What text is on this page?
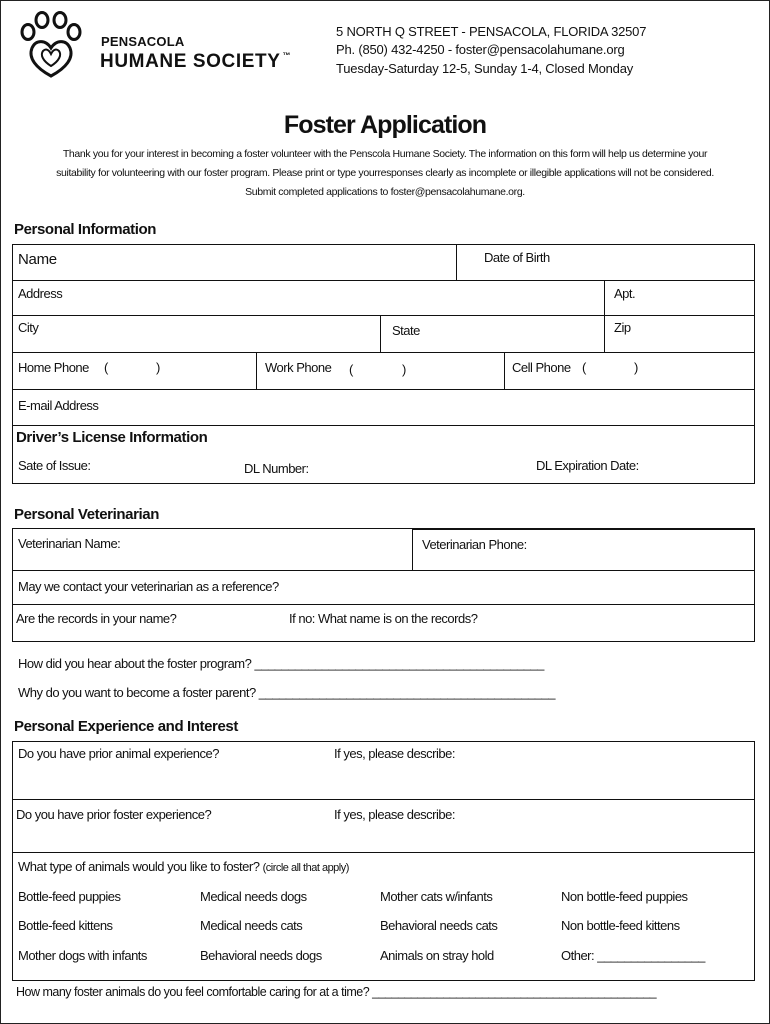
PENSACOLA
HUMANE SOCIETY ™
5 NORTH Q STREET - PENSACOLA, FLORIDA 32507
Ph. (850) 432-4250 - foster@pensacolahumane.org
Tuesday-Saturday 12-5, Sunday 1-4, Closed Monday
Foster Application

Thank you for your interest in becoming a foster volunteer with the Penscola Humane Society. The information on this form will help us determine your

suitability for volunteering with our foster program. Please print or type yourresponses clearly as incomplete or illegible applications will not be considered.

Submit completed applications to foster@pensacolahumane.org.

Personal Information
Name	Date of Birth
Address	Apt.
City	State	Zip
Home Phone (	)	Work Phone (	)	Cell Phone (	)
E-mail Address
Driver’s License Information
Sate of Issue:	DL Number:	DL Expiration Date:
Personal Veterinarian
Veterinarian Name:	Veterinarian Phone:
May we contact your veterinarian as a reference?
Are the records in your name?	If no: What name is on the records?
How did you hear about the foster program? ___________________________________________
Why do you want to become a foster parent? ____________________________________________
Personal Experience and Interest
Do you have prior animal experience?	If yes, please describe:
Do you have prior foster experience?	If yes, please describe:
What type of animals would you like to foster? (circle all that apply)
Bottle-feed puppies	Medical needs dogs	Mother cats w/infants	Non bottle-feed puppies
Bottle-feed kittens	Medical needs cats	Behavioral needs cats	Non bottle-feed kittens
Mother dogs with infants	Behavioral needs dogs	Animals on stray hold	Other: ________________
How many foster animals do you feel comfortable caring for at a time? ____________________________________________
